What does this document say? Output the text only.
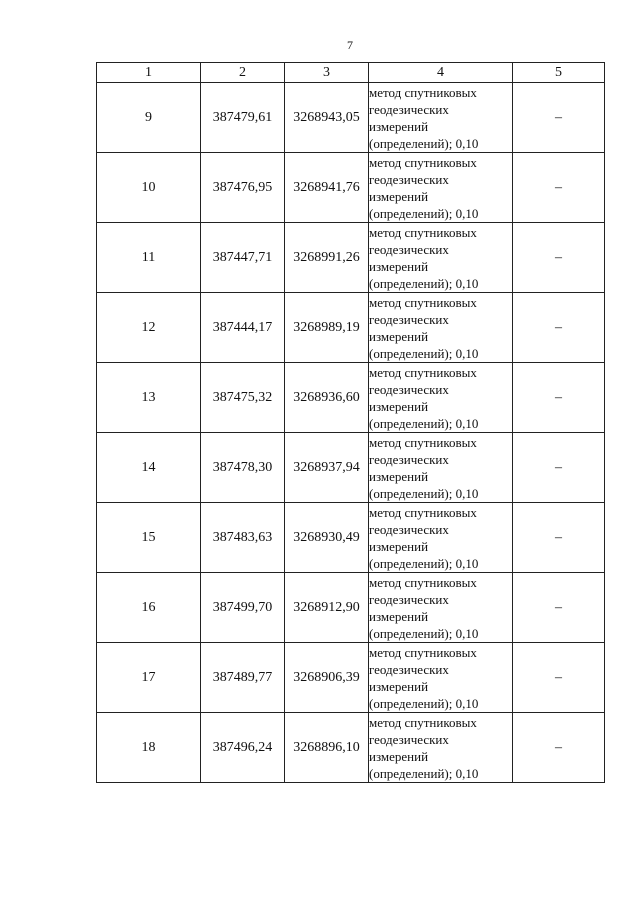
7
1	2	3	4	5
9	387479,61	3268943,05	метод спутниковых
геодезических
измерений
(определений); 0,10	–
10	387476,95	3268941,76	метод спутниковых
геодезических
измерений
(определений); 0,10	–
11	387447,71	3268991,26	метод спутниковых
геодезических
измерений
(определений); 0,10	–
12	387444,17	3268989,19	метод спутниковых
геодезических
измерений
(определений); 0,10	–
13	387475,32	3268936,60	метод спутниковых
геодезических
измерений
(определений); 0,10	–
14	387478,30	3268937,94	метод спутниковых
геодезических
измерений
(определений); 0,10	–
15	387483,63	3268930,49	метод спутниковых
геодезических
измерений
(определений); 0,10	–
16	387499,70	3268912,90	метод спутниковых
геодезических
измерений
(определений); 0,10	–
17	387489,77	3268906,39	метод спутниковых
геодезических
измерений
(определений); 0,10	–
18	387496,24	3268896,10	метод спутниковых
геодезических
измерений
(определений); 0,10	–
